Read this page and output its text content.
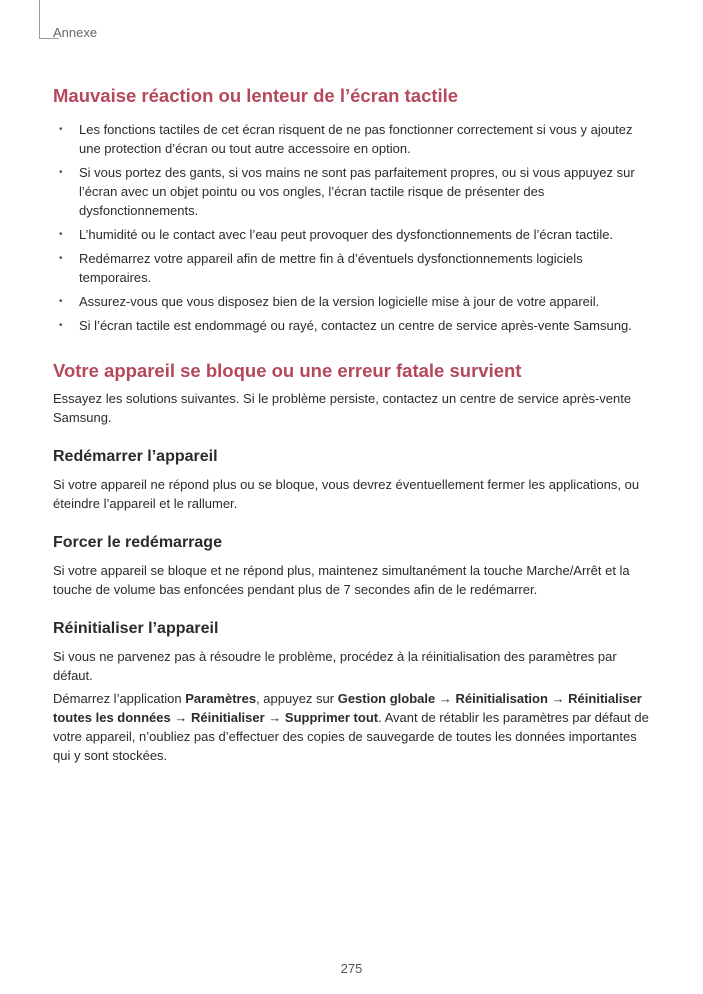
Annexe
Mauvaise réaction ou lenteur de l’écran tactile
• Les fonctions tactiles de cet écran risquent de ne pas fonctionner correctement si vous y ajoutez une protection d’écran ou tout autre accessoire en option.
• Si vous portez des gants, si vos mains ne sont pas parfaitement propres, ou si vous appuyez sur l’écran avec un objet pointu ou vos ongles, l’écran tactile risque de présenter des dysfonctionnements.
• L’humidité ou le contact avec l’eau peut provoquer des dysfonctionnements de l’écran tactile.
• Redémarrez votre appareil afin de mettre fin à d’éventuels dysfonctionnements logiciels temporaires.
• Assurez-vous que vous disposez bien de la version logicielle mise à jour de votre appareil.
• Si l’écran tactile est endommagé ou rayé, contactez un centre de service après-vente Samsung.
Votre appareil se bloque ou une erreur fatale survient

Essayez les solutions suivantes. Si le problème persiste, contactez un centre de service après-vente Samsung.

Redémarrer l’appareil

Si votre appareil ne répond plus ou se bloque, vous devrez éventuellement fermer les applications, ou éteindre l’appareil et le rallumer.

Forcer le redémarrage

Si votre appareil se bloque et ne répond plus, maintenez simultanément la touche Marche/Arrêt et la touche de volume bas enfoncées pendant plus de 7 secondes afin de le redémarrer.

Réinitialiser l’appareil

Si vous ne parvenez pas à résoudre le problème, procédez à la réinitialisation des paramètres par défaut.

Démarrez l’application Paramètres, appuyez sur Gestion globale → Réinitialisation → Réinitialiser toutes les données → Réinitialiser → Supprimer tout. Avant de rétablir les paramètres par défaut de votre appareil, n’oubliez pas d’effectuer des copies de sauvegarde de toutes les données importantes qui y sont stockées.

275
